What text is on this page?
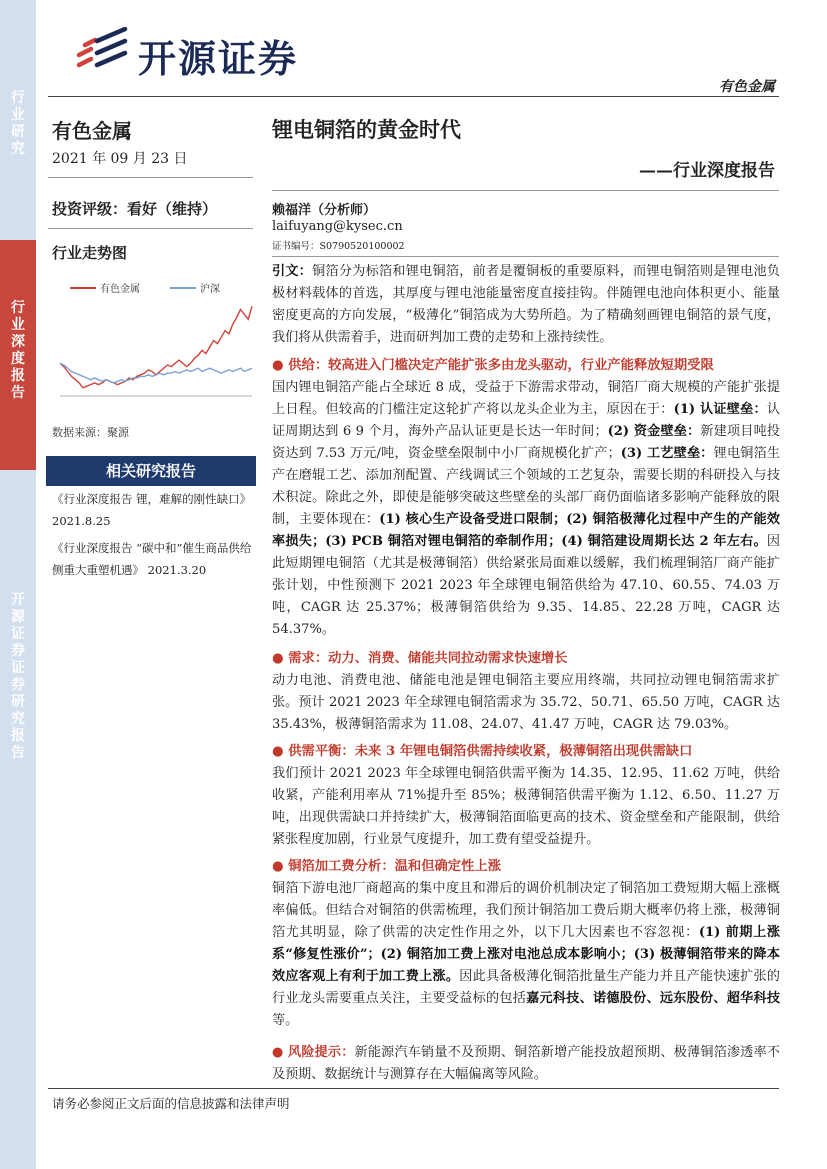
行业研究
行业深度报告
开源证券 证券研究报告
开源证券
有色金属
有色金属
2021 年 09 月 23 日
投资评级：看好（维持）
行业走势图
有色金属	沪深
数据来源：聚源
相关研究报告
《行业深度报告 锂，难解的刚性缺口》 2021.8.25
《行业深度报告 “碳中和”催生商品供给侧重大重塑机遇》 2021.3.20
锂电铜箔的黄金时代
——行业深度报告
赖福洋（分析师）
laifuyang@kysec.cn
证书编号：S0790520100002
引文：铜箔分为标箔和锂电铜箔，前者是覆铜板的重要原料，而锂电铜箔则是锂电池负极材料载体的首选，其厚度与锂电池能量密度直接挂钩。伴随锂电池向体积更小、能量密度更高的方向发展，“极薄化”铜箔成为大势所趋。为了精确刻画锂电铜箔的景气度，我们将从供需着手，进而研判加工费的走势和上涨持续性。
● 供给：较高进入门槛决定产能扩张多由龙头驱动，行业产能释放短期受限
国内锂电铜箔产能占全球近 8 成，受益于下游需求带动，铜箔厂商大规模的产能扩张提上日程。但较高的门槛注定这轮扩产将以龙头企业为主，原因在于：(1) 认证壁垒：认证周期达到 6 9 个月，海外产品认证更是长达一年时间；(2) 资金壁垒：新建项目吨投资达到 7.53 万元/吨，资金壁垒限制中小厂商规模化扩产；(3) 工艺壁垒：锂电铜箔生产在磨辊工艺、添加剂配置、产线调试三个领域的工艺复杂，需要长期的科研投入与技术积淀。除此之外，即使是能够突破这些壁垒的头部厂商仍面临诸多影响产能释放的限制，主要体现在：(1) 核心生产设备受进口限制；(2) 铜箔极薄化过程中产生的产能效率损失；(3) PCB 铜箔对锂电铜箔的牵制作用；(4) 铜箔建设周期长达 2 年左右。因此短期锂电铜箔（尤其是极薄铜箔）供给紧张局面难以缓解，我们梳理铜箔厂商产能扩张计划，中性预测下 2021 2023 年全球锂电铜箔供给为 47.10、60.55、74.03 万吨，CAGR 达 25.37%；极薄铜箔供给为 9.35、14.85、22.28 万吨，CAGR 达 54.37%。
● 需求：动力、消费、储能共同拉动需求快速增长
动力电池、消费电池、储能电池是锂电铜箔主要应用终端，共同拉动锂电铜箔需求扩张。预计 2021 2023 年全球锂电铜箔需求为 35.72、50.71、65.50 万吨，CAGR 达 35.43%，极薄铜箔需求为 11.08、24.07、41.47 万吨，CAGR 达 79.03%。
● 供需平衡：未来 3 年锂电铜箔供需持续收紧，极薄铜箔出现供需缺口
我们预计 2021 2023 年全球锂电铜箔供需平衡为 14.35、12.95、11.62 万吨，供给收紧，产能利用率从 71%提升至 85%；极薄铜箔供需平衡为 1.12、6.50、11.27 万吨，出现供需缺口并持续扩大，极薄铜箔面临更高的技术、资金壁垒和产能限制，供给紧张程度加剧，行业景气度提升，加工费有望受益提升。
● 铜箔加工费分析：温和但确定性上涨
铜箔下游电池厂商超高的集中度且和滞后的调价机制决定了铜箔加工费短期大幅上涨概率偏低。但结合对铜箔的供需梳理，我们预计铜箔加工费后期大概率仍将上涨，极薄铜箔尤其明显，除了供需的决定性作用之外，以下几大因素也不容忽视：(1) 前期上涨系“修复性涨价”；(2) 铜箔加工费上涨对电池总成本影响小；(3) 极薄铜箔带来的降本效应客观上有利于加工费上涨。因此具备极薄化铜箔批量生产能力并且产能快速扩张的行业龙头需要重点关注，主要受益标的包括嘉元科技、诺德股份、远东股份、超华科技等。
● 风险提示：新能源汽车销量不及预期、铜箔新增产能投放超预期、极薄铜箔渗透率不及预期、数据统计与测算存在大幅偏离等风险。
请务必参阅正文后面的信息披露和法律声明
